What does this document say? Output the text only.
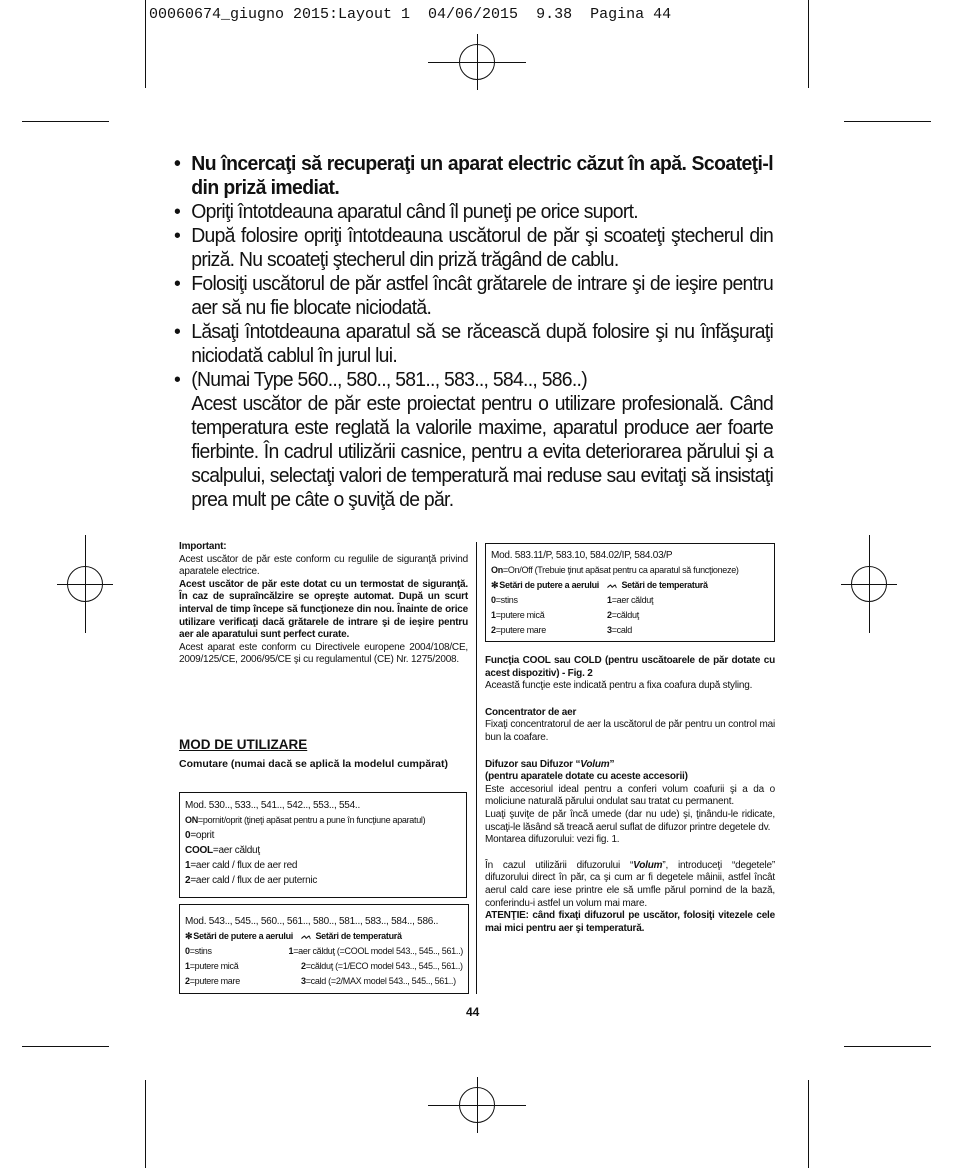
00060674_giugno 2015:Layout 1  04/06/2015  9.38  Pagina 44
• Nu încercaţi să recuperaţi un aparat electric căzut în apă. Scoateţi-l din priză imediat.
• Opriţi întotdeauna aparatul când îl puneţi pe orice suport.
• După folosire opriţi întotdeauna uscătorul de păr şi scoateţi ştecherul din priză. Nu scoateţi ştecherul din priză trăgând de cablu.
• Folosiţi uscătorul de păr astfel încât grătarele de intrare şi de ieşire pentru aer să nu fie blocate niciodată.
• Lăsaţi întotdeauna aparatul să se răcească după folosire şi nu înfăşuraţi niciodată cablul în jurul lui.
• (Numai Type 560.., 580.., 581.., 583.., 584.., 586..)
Acest uscător de păr este proiectat pentru o utilizare profesională. Când temperatura este reglată la valorile maxime, aparatul produce aer foarte fierbinte. În cadrul utilizării casnice, pentru a evita deteriorarea părului şi a scalpului, selectaţi valori de temperatură mai reduse sau evitaţi să insistaţi prea mult pe câte o şuviţă de păr.
Important:
Acest uscător de păr este conform cu regulile de siguranţă privind aparatele electrice.
Acest uscător de păr este dotat cu un termostat de siguranţă. În caz de supraîncălzire se opreşte automat. După un scurt interval de timp începe să funcţioneze din nou. Înainte de orice utilizare verificaţi dacă grătarele de intrare şi de ieşire pentru aer ale aparatului sunt perfect curate.
Acest aparat este conform cu Directivele europene 2004/108/CE, 2009/125/CE, 2006/95/CE şi cu regulamentul (CE) Nr. 1275/2008.
MOD DE UTILIZARE
Comutare (numai dacă se aplică la modelul cumpărat)
Mod. 530.., 533.., 541.., 542.., 553.., 554..
ON=pornit/oprit (ţineţi apăsat pentru a pune în funcţiune aparatul)
0=oprit
COOL=aer călduţ
1=aer cald / flux de aer red
2=aer cald / flux de aer puternic
Mod. 543.., 545.., 560.., 561.., 580.., 581.., 583.., 584.., 586..
✻Setări de putere a aerului ᨓ Setări de temperatură
0=stins	1=aer călduţ (=COOL model 543.., 545.., 561..)
1=putere mică	2=călduţ (=1/ECO model 543.., 545.., 561..)
2=putere mare	3=cald (=2/MAX model 543.., 545.., 561..)
Mod. 583.11/P, 583.10, 584.02/IP, 584.03/P
On=On/Off (Trebuie ţinut apăsat pentru ca aparatul să funcţioneze)
✻Setări de putere a aerului ᨓ Setări de temperatură
0=stins	1=aer călduţ
1=putere mică	2=călduţ
2=putere mare	3=cald
Funcţia COOL sau COLD (pentru uscătoarele de păr dotate cu acest dispozitiv) - Fig. 2
Această funcţie este indicată pentru a fixa coafura după styling.
Concentrator de aer
Fixaţi concentratorul de aer la uscătorul de păr pentru un control mai bun la coafare.
Difuzor sau Difuzor “Volum”
(pentru aparatele dotate cu aceste accesorii)
Este accesoriul ideal pentru a conferi volum coafurii şi a da o moliciune naturală părului ondulat sau tratat cu permanent.
Luaţi şuviţe de păr încă umede (dar nu ude) şi, ţinându-le ridicate, uscaţi-le lăsând să treacă aerul suflat de difuzor printre degetele dv.
Montarea difuzorului: vezi fig. 1.
În cazul utilizării difuzorului “Volum”, introduceţi “degetele” difuzorului direct în păr, ca şi cum ar fi degetele mâinii, astfel încât aerul cald care iese printre ele să umfle părul pornind de la bază, conferindu-i astfel un volum mai mare.
ATENŢIE: când fixaţi difuzorul pe uscător, folosiţi vitezele cele mai mici pentru aer şi temperatură.
44
